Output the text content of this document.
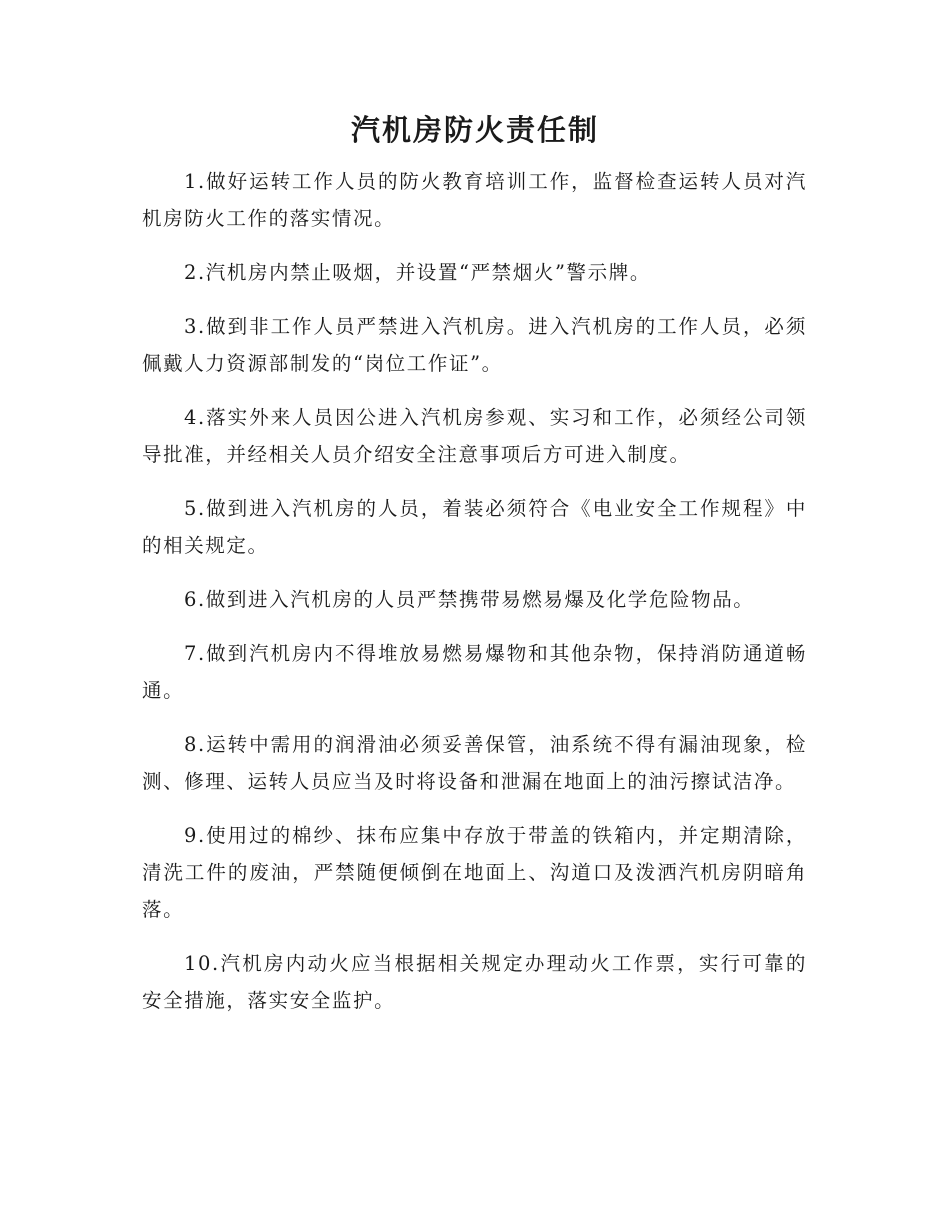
汽机房防火责任制

1.做好运转工作人员的防火教育培训工作，监督检查运转人员对汽机房防火工作的落实情况。

2.汽机房内禁止吸烟，并设置“严禁烟火”警示牌。

3.做到非工作人员严禁进入汽机房。进入汽机房的工作人员，必须佩戴人力资源部制发的“岗位工作证”。

4.落实外来人员因公进入汽机房参观、实习和工作，必须经公司领导批准，并经相关人员介绍安全注意事项后方可进入制度。

5.做到进入汽机房的人员，着装必须符合《电业安全工作规程》中的相关规定。

6.做到进入汽机房的人员严禁携带易燃易爆及化学危险物品。

7.做到汽机房内不得堆放易燃易爆物和其他杂物，保持消防通道畅通。

8.运转中需用的润滑油必须妥善保管，油系统不得有漏油现象，检测、修理、运转人员应当及时将设备和泄漏在地面上的油污擦试洁净。

9.使用过的棉纱、抹布应集中存放于带盖的铁箱内，并定期清除，清洗工件的废油，严禁随便倾倒在地面上、沟道口及泼洒汽机房阴暗角落。

10.汽机房内动火应当根据相关规定办理动火工作票，实行可靠的安全措施，落实安全监护。
